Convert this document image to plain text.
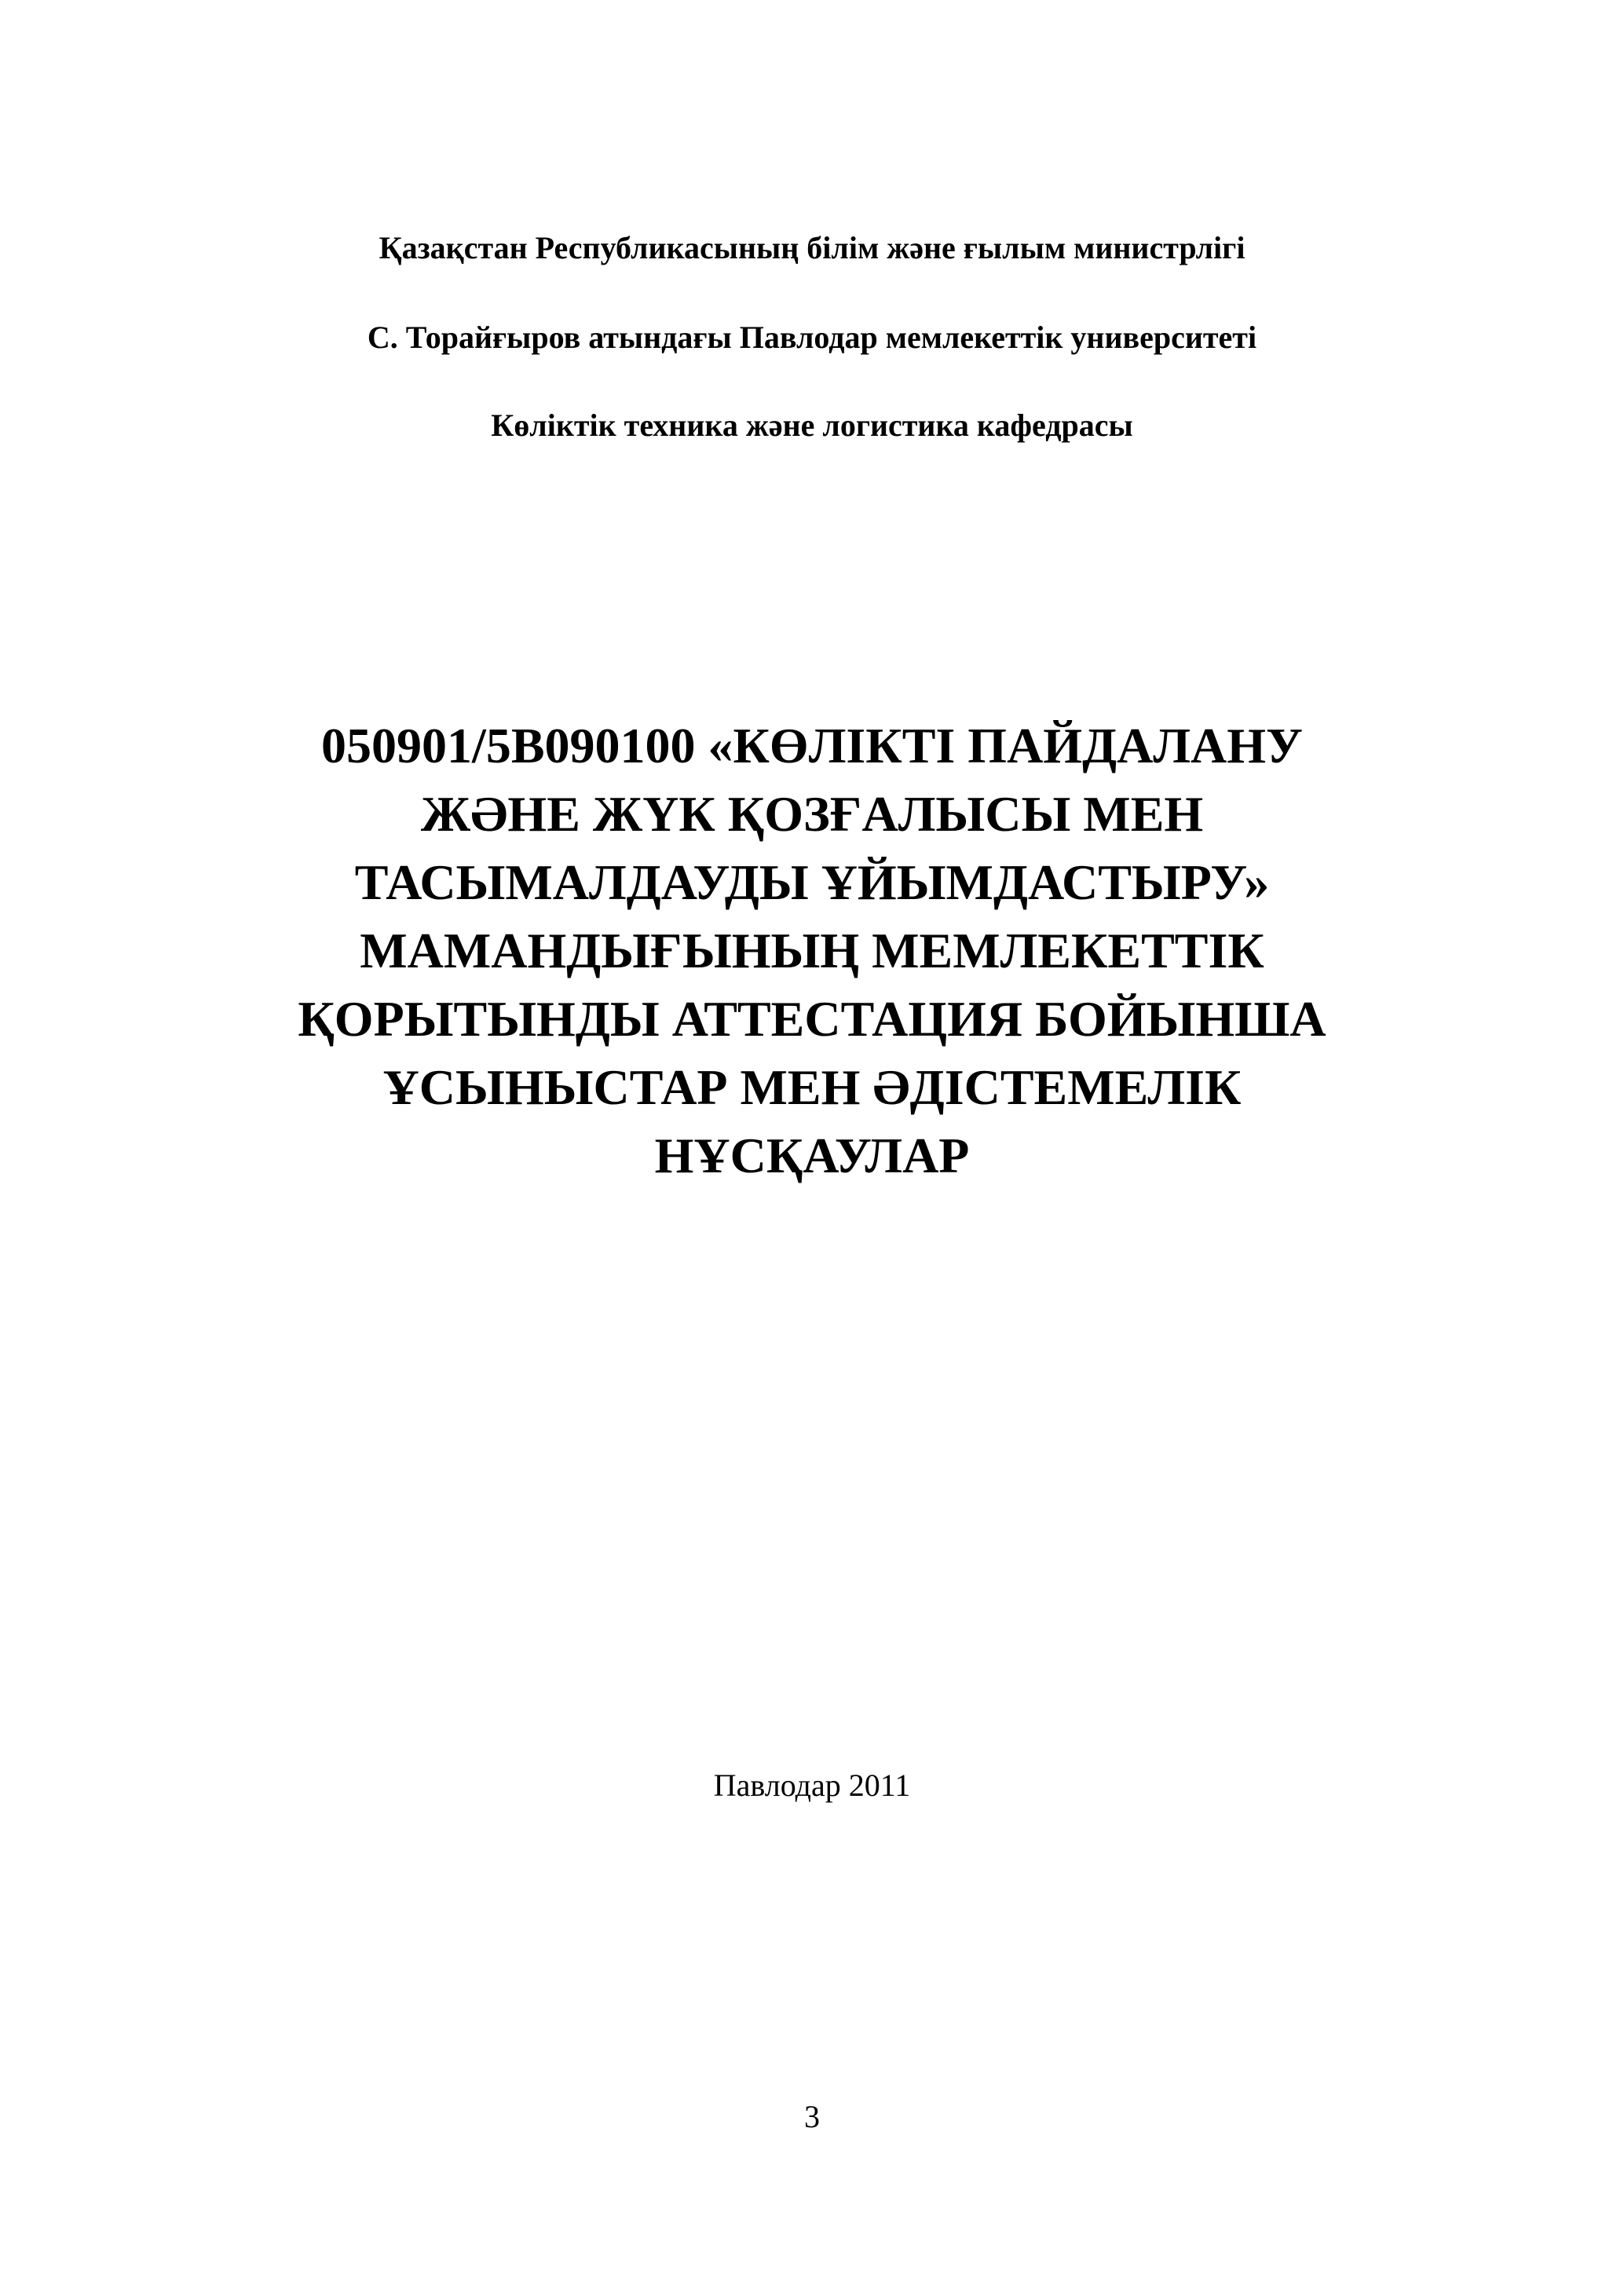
Қазақстан Республикасының білім және ғылым министрлігі
С. Торайғыров атындағы Павлодар мемлекеттік университеті
Көліктік техника және логистика кафедрасы
050901/5В090100 «КӨЛІКТІ ПАЙДАЛАНУ
ЖӘНЕ ЖҮК ҚОЗҒАЛЫСЫ МЕН
ТАСЫМАЛДАУДЫ ҰЙЫМДАСТЫРУ»
МАМАНДЫҒЫНЫҢ МЕМЛЕКЕТТІК
ҚОРЫТЫНДЫ АТТЕСТАЦИЯ БОЙЫНША
ҰСЫНЫСТАР МЕН ӘДІСТЕМЕЛІК
НҰСҚАУЛАР
Павлодар 2011
3
